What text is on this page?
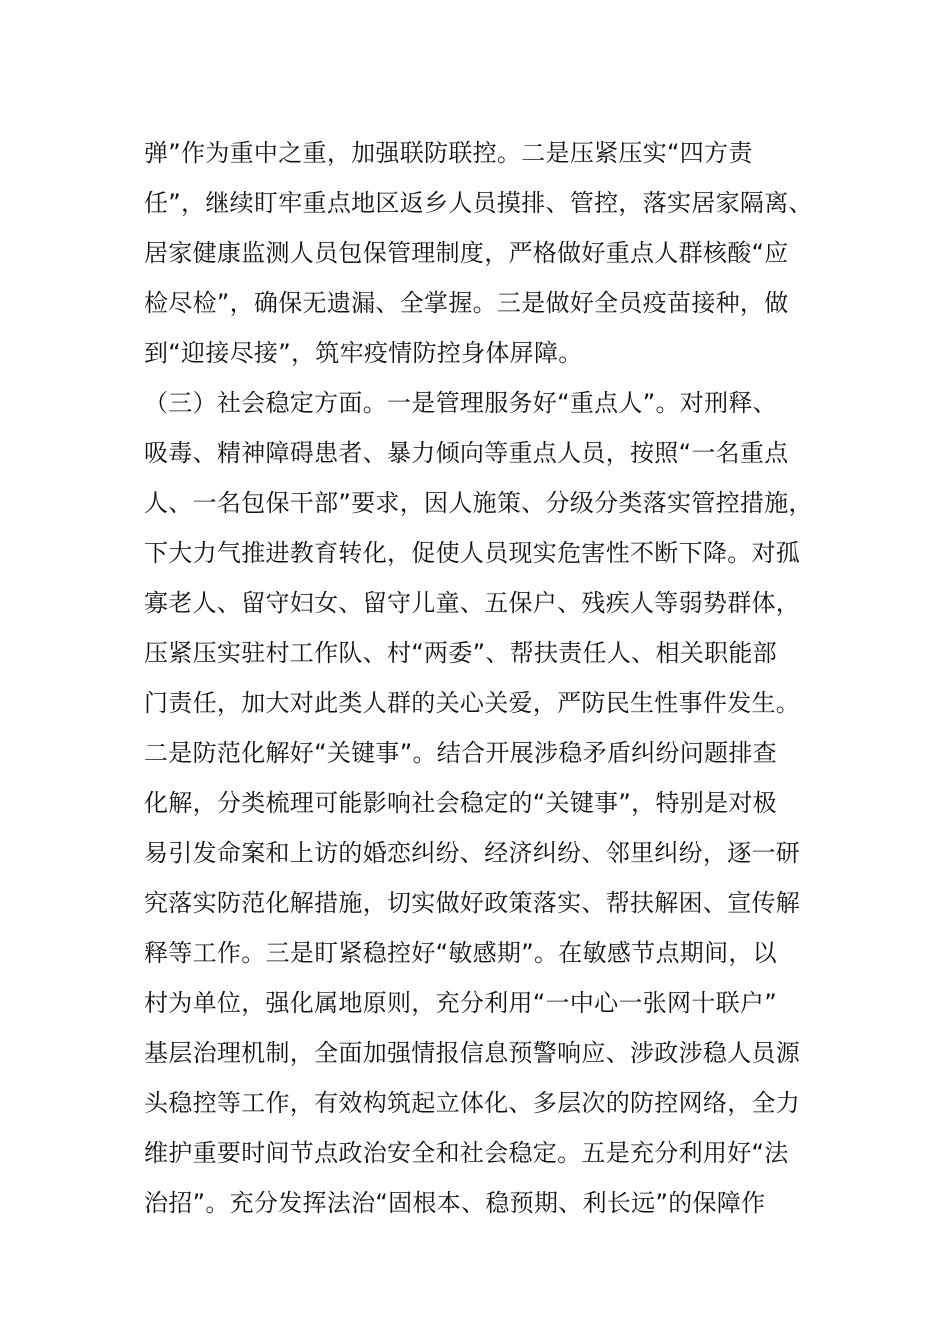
弹”作为重中之重，加强联防联控。二是压紧压实“四方责
任”，继续盯牢重点地区返乡人员摸排、管控，落实居家隔离、
居家健康监测人员包保管理制度，严格做好重点人群核酸“应
检尽检”，确保无遗漏、全掌握。三是做好全员疫苗接种，做
到“迎接尽接”，筑牢疫情防控身体屏障。
（三）社会稳定方面。一是管理服务好“重点人”。对刑释、
吸毒、精神障碍患者、暴力倾向等重点人员，按照“一名重点
人、一名包保干部”要求，因人施策、分级分类落实管控措施，
下大力气推进教育转化，促使人员现实危害性不断下降。对孤
寡老人、留守妇女、留守儿童、五保户、残疾人等弱势群体，
压紧压实驻村工作队、村“两委”、帮扶责任人、相关职能部
门责任，加大对此类人群的关心关爱，严防民生性事件发生。
二是防范化解好“关键事”。结合开展涉稳矛盾纠纷问题排查
化解，分类梳理可能影响社会稳定的“关键事”，特别是对极
易引发命案和上访的婚恋纠纷、经济纠纷、邻里纠纷，逐一研
究落实防范化解措施，切实做好政策落实、帮扶解困、宣传解
释等工作。三是盯紧稳控好“敏感期”。在敏感节点期间，以
村为单位，强化属地原则，充分利用“一中心一张网十联户”
基层治理机制，全面加强情报信息预警响应、涉政涉稳人员源
头稳控等工作，有效构筑起立体化、多层次的防控网络，全力
维护重要时间节点政治安全和社会稳定。五是充分利用好“法
治招”。充分发挥法治“固根本、稳预期、利长远”的保障作
